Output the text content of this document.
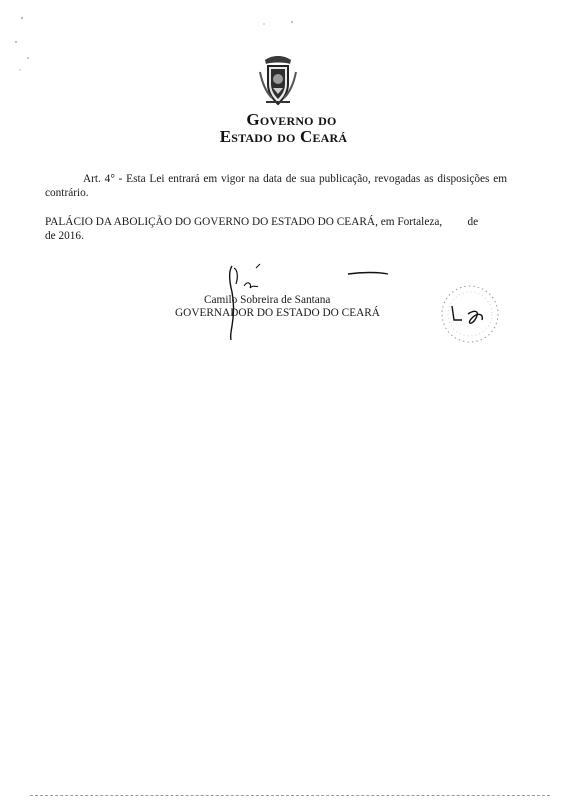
Governo do
Estado do Ceará
Art. 4° - Esta Lei entrará em vigor na data de sua publicação, revogadas as disposições em contrário.
PALÁCIO DA ABOLIÇÃO DO GOVERNO DO ESTADO DO CEARÁ, em Fortaleza, de
de 2016.
Camilo Sobreira de Santana
GOVERNADOR DO ESTADO DO CEARÁ
